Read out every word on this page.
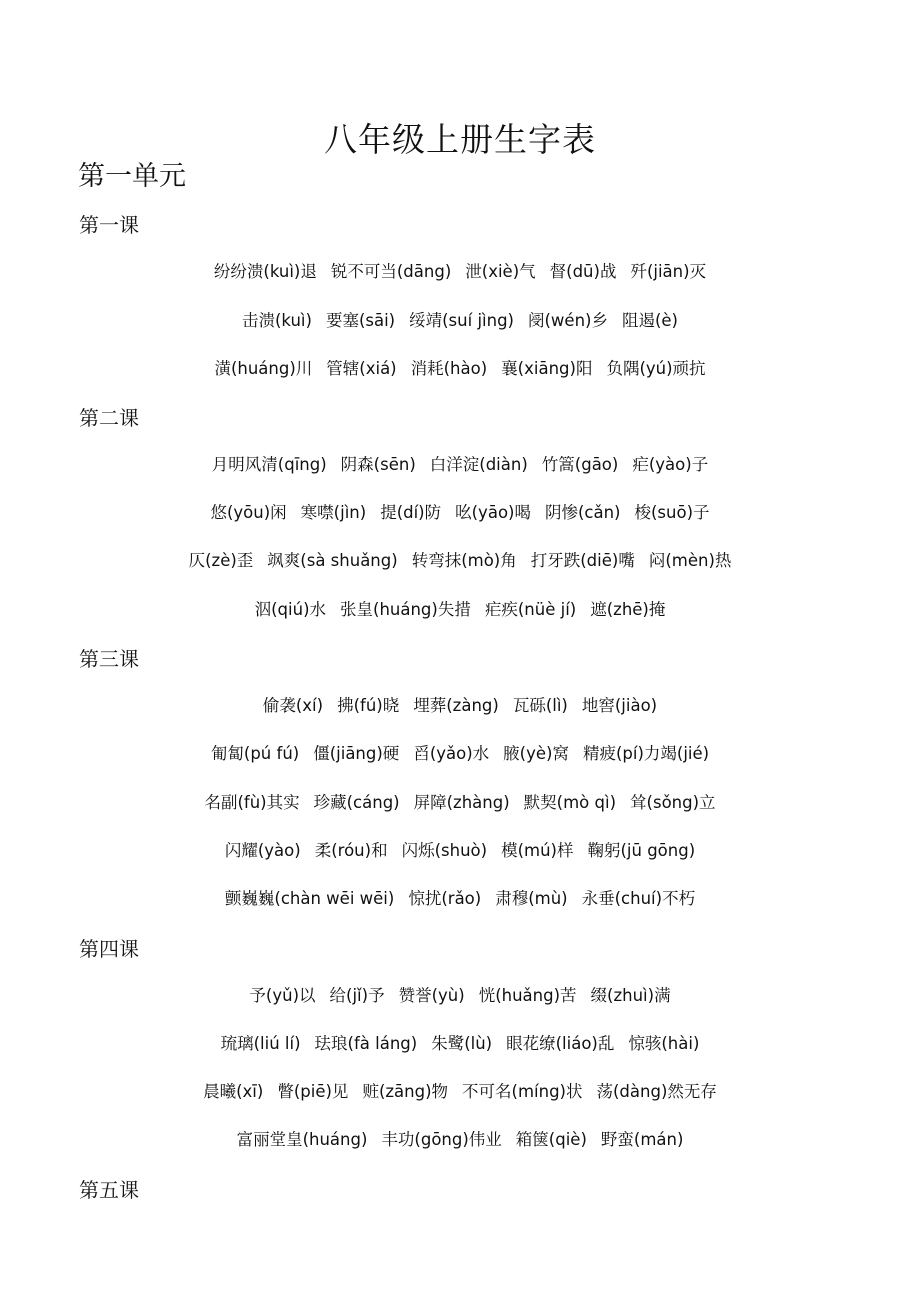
八年级上册生字表
第一单元
第一课
纷纷溃(kuì)退 锐不可当(dāng) 泄(xiè)气 督(dū)战 歼(jiān)灭
击溃(kuì) 要塞(sāi) 绥靖(suí jìng) 阌(wén)乡 阻遏(è)
潢(huáng)川 管辖(xiá) 消耗(hào) 襄(xiāng)阳 负隅(yú)顽抗
第二课
月明风清(qīng) 阴森(sēn) 白洋淀(diàn) 竹篙(gāo) 疟(yào)子
悠(yōu)闲 寒噤(jìn) 提(dí)防 吆(yāo)喝 阴惨(cǎn) 梭(suō)子
仄(zè)歪 飒爽(sà shuǎng) 转弯抹(mò)角 打牙跌(diē)嘴 闷(mèn)热
泅(qiú)水 张皇(huáng)失措 疟疾(nüè jí)遮(zhē)掩
第三课
偷袭(xí) 拂(fú)晓 埋葬(zàng) 瓦砾(lì) 地窖(jiào)
匍匐(pú fú) 僵(jiāng)硬 舀(yǎo)水 腋(yè)窝 精疲(pí)力竭(jié)
名副(fù)其实 珍藏(cáng) 屏障(zhàng) 默契(mò qì) 耸(sǒng)立
闪耀(yào) 柔(róu)和 闪烁(shuò) 模(mú)样 鞠躬(jū gōng)
颤巍巍(chàn wēi wēi) 惊扰(rǎo) 肃穆(mù) 永垂(chuí)不朽
第四课
予(yǔ)以 给(jǐ)予 赞誉(yù) 恍(huǎng)苦 缀(zhuì)满
琉璃(liú lí) 珐琅(fà láng) 朱鹭(lù) 眼花缭(liáo)乱 惊骇(hài)
晨曦(xī) 瞥(piē)见 赃(zāng)物 不可名(míng)状 荡(dàng)然无存
富丽堂皇(huáng) 丰功(gōng)伟业 箱箧(qiè) 野蛮(mán)
第五课
